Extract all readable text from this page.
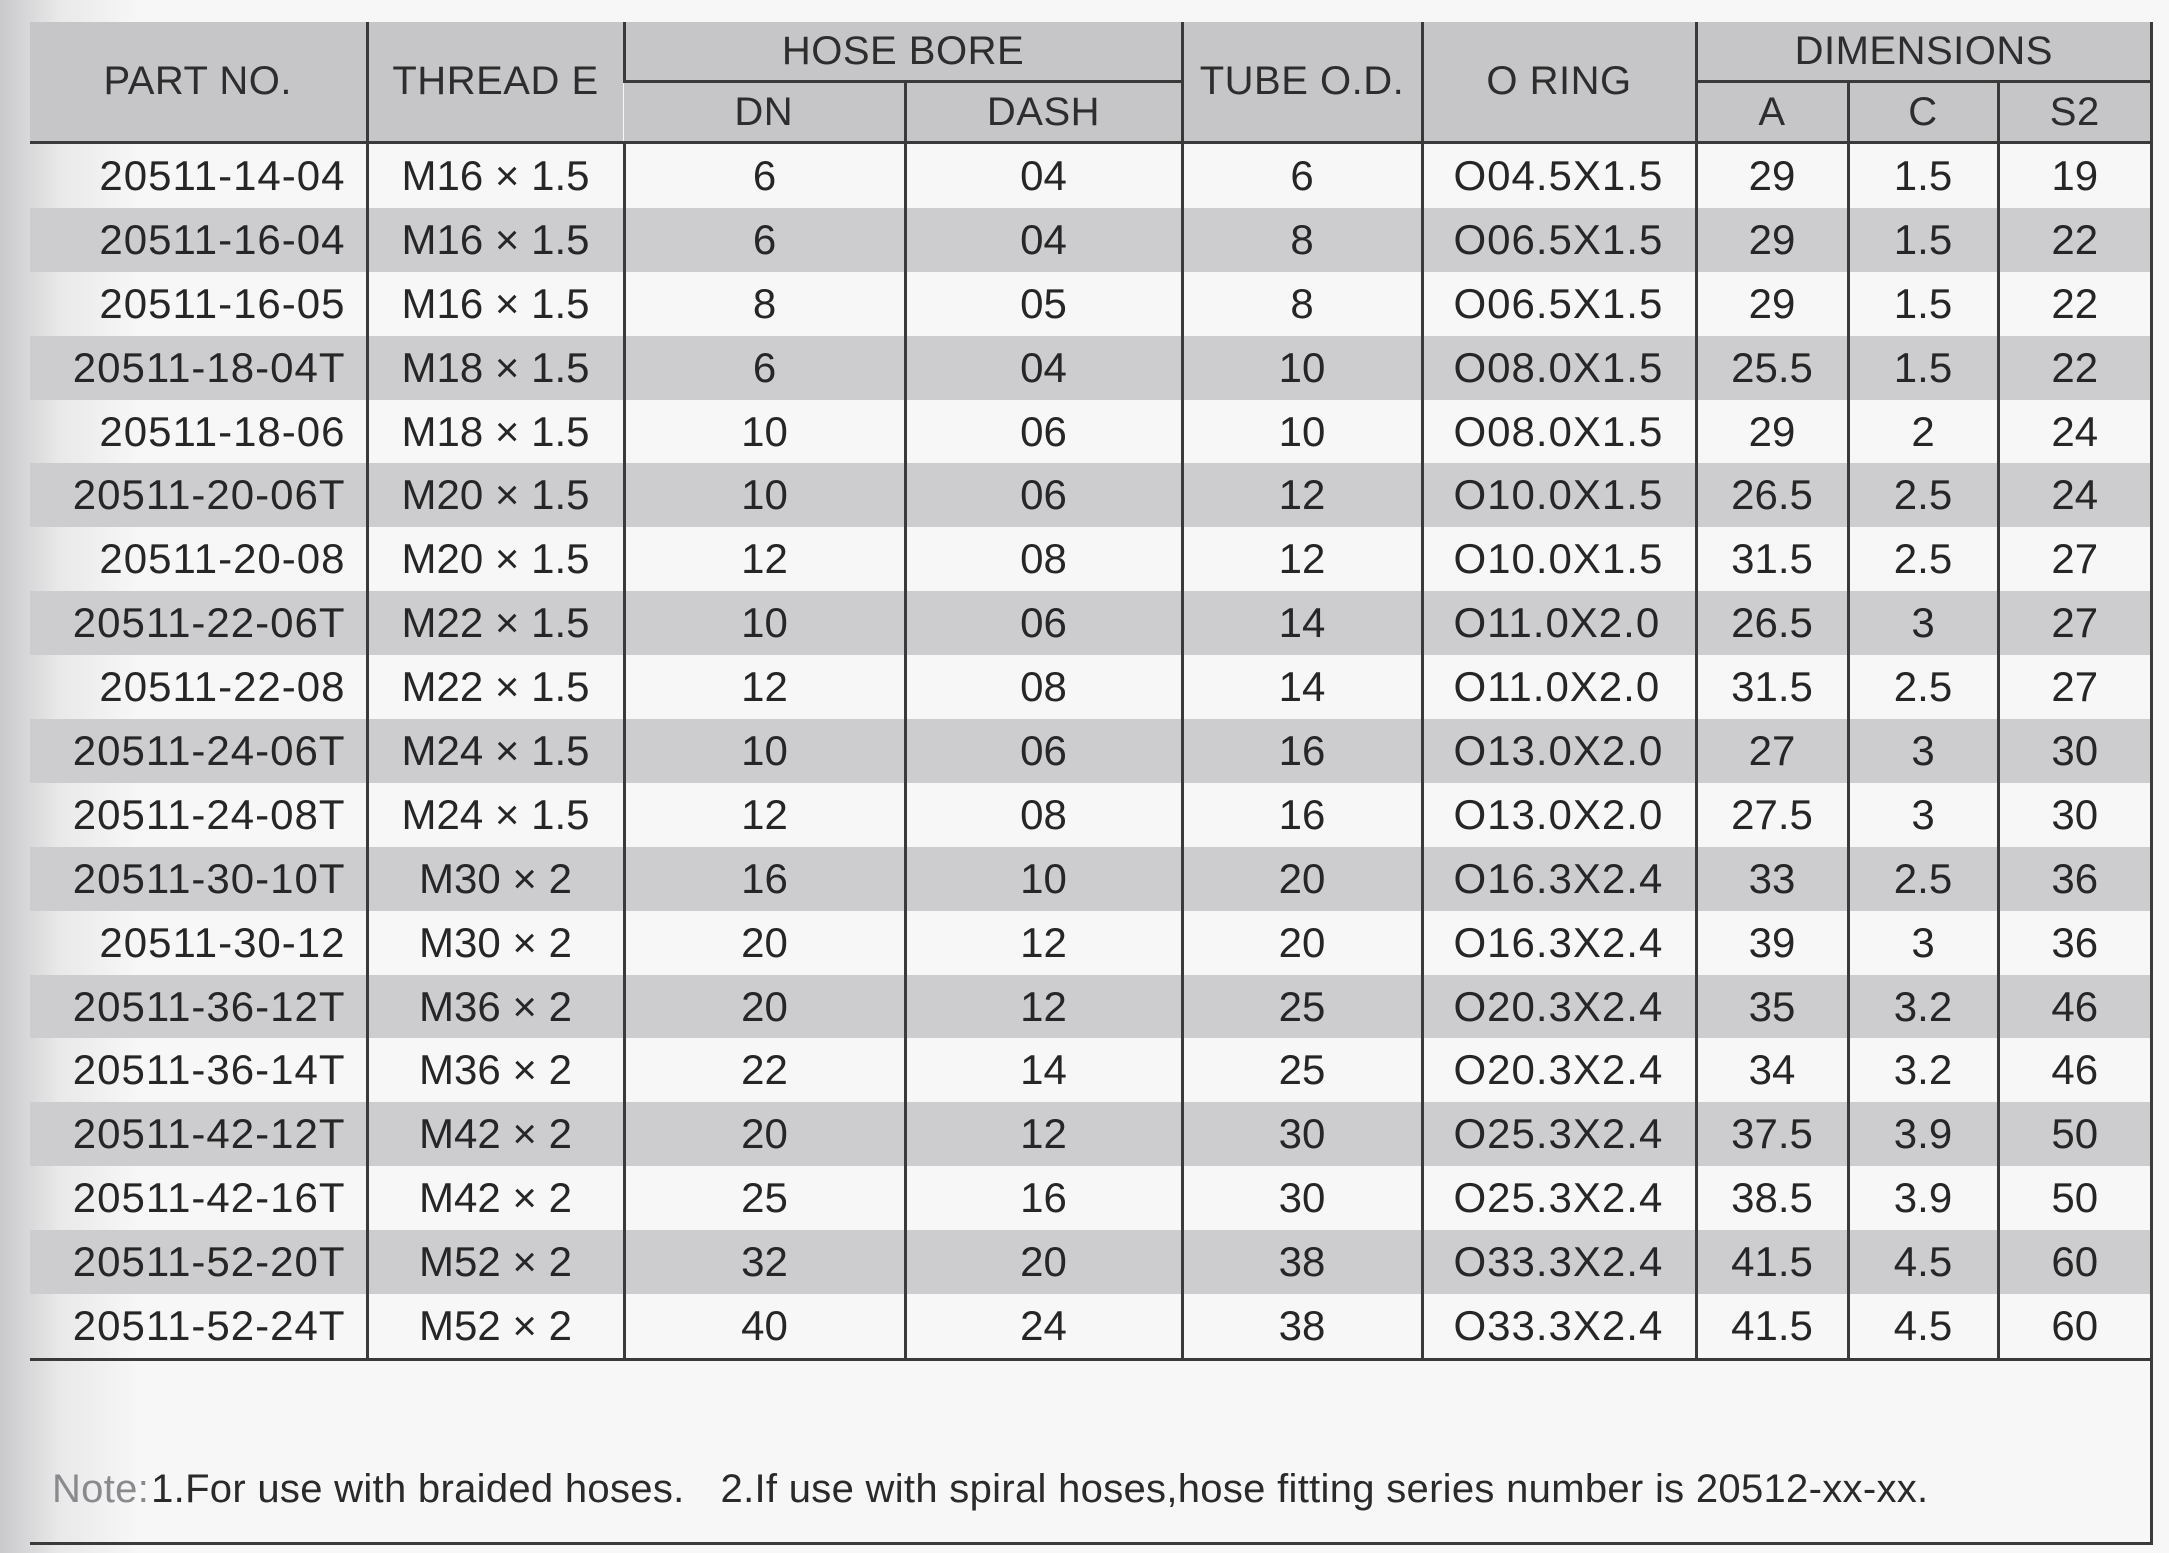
PART NO.	THREAD E	HOSE BORE		TUBE O.D.	O RING	DIMENSIONS		
		DN	DASH			A	C	S2
20511-14-04	M16 × 1.5	6	04	6	O04.5X1.5	29	1.5	19
20511-16-04	M16 × 1.5	6	04	8	O06.5X1.5	29	1.5	22
20511-16-05	M16 × 1.5	8	05	8	O06.5X1.5	29	1.5	22
20511-18-04T	M18 × 1.5	6	04	10	O08.0X1.5	25.5	1.5	22
20511-18-06	M18 × 1.5	10	06	10	O08.0X1.5	29	2	24
20511-20-06T	M20 × 1.5	10	06	12	O10.0X1.5	26.5	2.5	24
20511-20-08	M20 × 1.5	12	08	12	O10.0X1.5	31.5	2.5	27
20511-22-06T	M22 × 1.5	10	06	14	O11.0X2.0	26.5	3	27
20511-22-08	M22 × 1.5	12	08	14	O11.0X2.0	31.5	2.5	27
20511-24-06T	M24 × 1.5	10	06	16	O13.0X2.0	27	3	30
20511-24-08T	M24 × 1.5	12	08	16	O13.0X2.0	27.5	3	30
20511-30-10T	M30 × 2	16	10	20	O16.3X2.4	33	2.5	36
20511-30-12	M30 × 2	20	12	20	O16.3X2.4	39	3	36
20511-36-12T	M36 × 2	20	12	25	O20.3X2.4	35	3.2	46
20511-36-14T	M36 × 2	22	14	25	O20.3X2.4	34	3.2	46
20511-42-12T	M42 × 2	20	12	30	O25.3X2.4	37.5	3.9	50
20511-42-16T	M42 × 2	25	16	30	O25.3X2.4	38.5	3.9	50
20511-52-20T	M52 × 2	32	20	38	O33.3X2.4	41.5	4.5	60
20511-52-24T	M52 × 2	40	24	38	O33.3X2.4	41.5	4.5	60
Note: 1.For use with braided hoses. 2.If use with spiral hoses,hose fitting series number is 20512-xx-xx.
